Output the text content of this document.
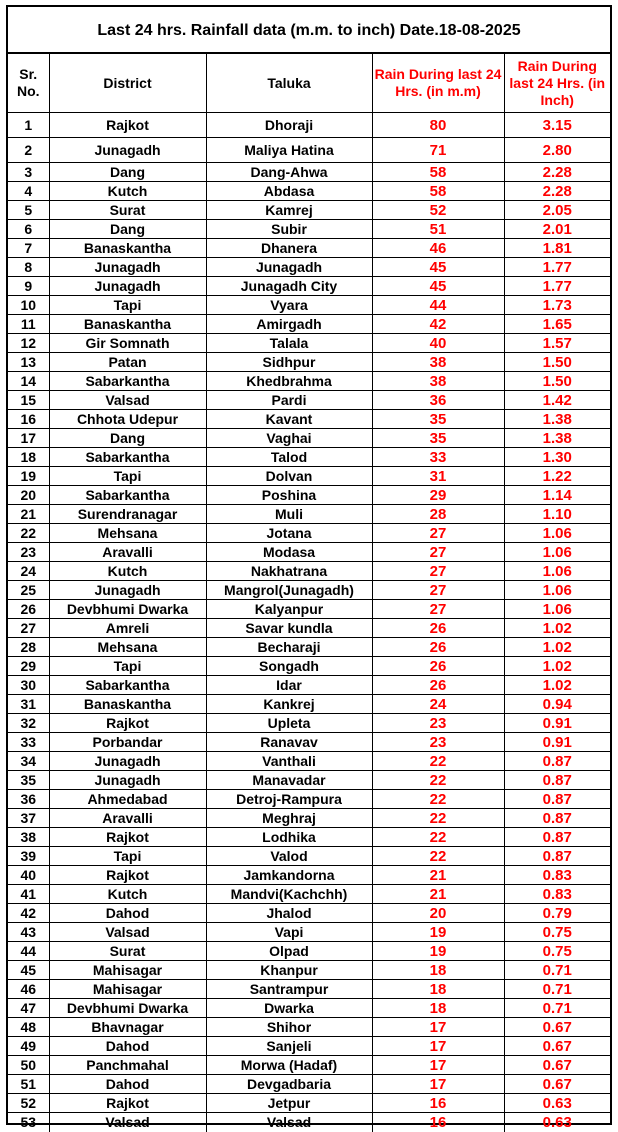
Last 24 hrs. Rainfall data (m.m. to inch) Date.18-08-2025
Sr. No.	District	Taluka	Rain During last 24 Hrs. (in m.m)	Rain During last 24 Hrs. (in Inch)
1	Rajkot	Dhoraji	80	3.15
2	Junagadh	Maliya Hatina	71	2.80
3	Dang	Dang-Ahwa	58	2.28
4	Kutch	Abdasa	58	2.28
5	Surat	Kamrej	52	2.05
6	Dang	Subir	51	2.01
7	Banaskantha	Dhanera	46	1.81
8	Junagadh	Junagadh	45	1.77
9	Junagadh	Junagadh City	45	1.77
10	Tapi	Vyara	44	1.73
11	Banaskantha	Amirgadh	42	1.65
12	Gir Somnath	Talala	40	1.57
13	Patan	Sidhpur	38	1.50
14	Sabarkantha	Khedbrahma	38	1.50
15	Valsad	Pardi	36	1.42
16	Chhota Udepur	Kavant	35	1.38
17	Dang	Vaghai	35	1.38
18	Sabarkantha	Talod	33	1.30
19	Tapi	Dolvan	31	1.22
20	Sabarkantha	Poshina	29	1.14
21	Surendranagar	Muli	28	1.10
22	Mehsana	Jotana	27	1.06
23	Aravalli	Modasa	27	1.06
24	Kutch	Nakhatrana	27	1.06
25	Junagadh	Mangrol(Junagadh)	27	1.06
26	Devbhumi Dwarka	Kalyanpur	27	1.06
27	Amreli	Savar kundla	26	1.02
28	Mehsana	Becharaji	26	1.02
29	Tapi	Songadh	26	1.02
30	Sabarkantha	Idar	26	1.02
31	Banaskantha	Kankrej	24	0.94
32	Rajkot	Upleta	23	0.91
33	Porbandar	Ranavav	23	0.91
34	Junagadh	Vanthali	22	0.87
35	Junagadh	Manavadar	22	0.87
36	Ahmedabad	Detroj-Rampura	22	0.87
37	Aravalli	Meghraj	22	0.87
38	Rajkot	Lodhika	22	0.87
39	Tapi	Valod	22	0.87
40	Rajkot	Jamkandorna	21	0.83
41	Kutch	Mandvi(Kachchh)	21	0.83
42	Dahod	Jhalod	20	0.79
43	Valsad	Vapi	19	0.75
44	Surat	Olpad	19	0.75
45	Mahisagar	Khanpur	18	0.71
46	Mahisagar	Santrampur	18	0.71
47	Devbhumi Dwarka	Dwarka	18	0.71
48	Bhavnagar	Shihor	17	0.67
49	Dahod	Sanjeli	17	0.67
50	Panchmahal	Morwa (Hadaf)	17	0.67
51	Dahod	Devgadbaria	17	0.67
52	Rajkot	Jetpur	16	0.63
53	Valsad	Valsad	16	0.63
